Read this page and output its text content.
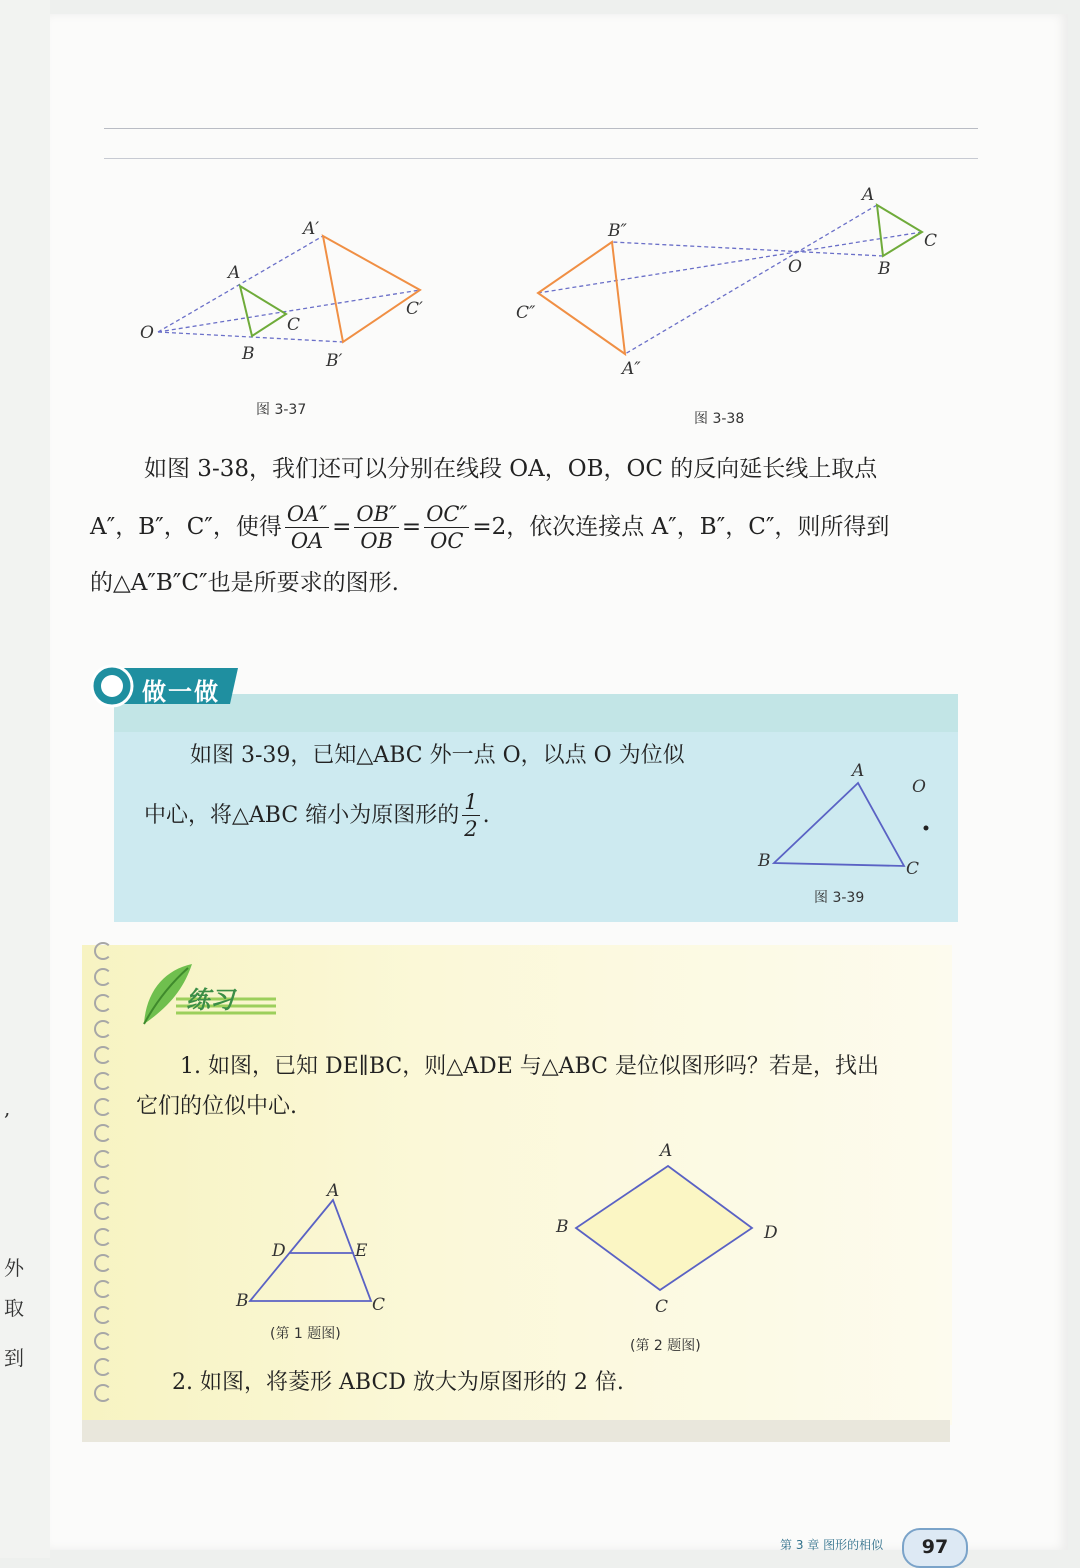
,
外
取
到
O
A
B
C
A′
B′
C′
图 3-37
O
A
B
C
B″
C″
A″
图 3-38
如图 3-38，我们还可以分别在线段 OA，OB，OC 的反向延长线上取点
A″，B″，C″，使得 $\frac{OA''}{OA} = \frac{OB''}{OB} = \frac{OC''}{OC} =2$，依次连接点 A″，B″，C″，则所得到
的△A″B″C″也是所要求的图形.
做一做
如图 3-39，已知△ABC 外一点 O，以点 O 为位似
中心，将△ABC 缩小为原图形的 $\frac{1}{2}$ .
A
B	C
O
图 3-39
练习
1. 如图，已知 DE∥BC，则△ADE 与△ABC 是位似图形吗？若是，找出
它们的位似中心.
A
B	C
D	E
(第 1 题图)
A
B
C
D
(第 2 题图)
2. 如图，将菱形 ABCD 放大为原图形的 2 倍.
第 3 章 图形的相似	97
